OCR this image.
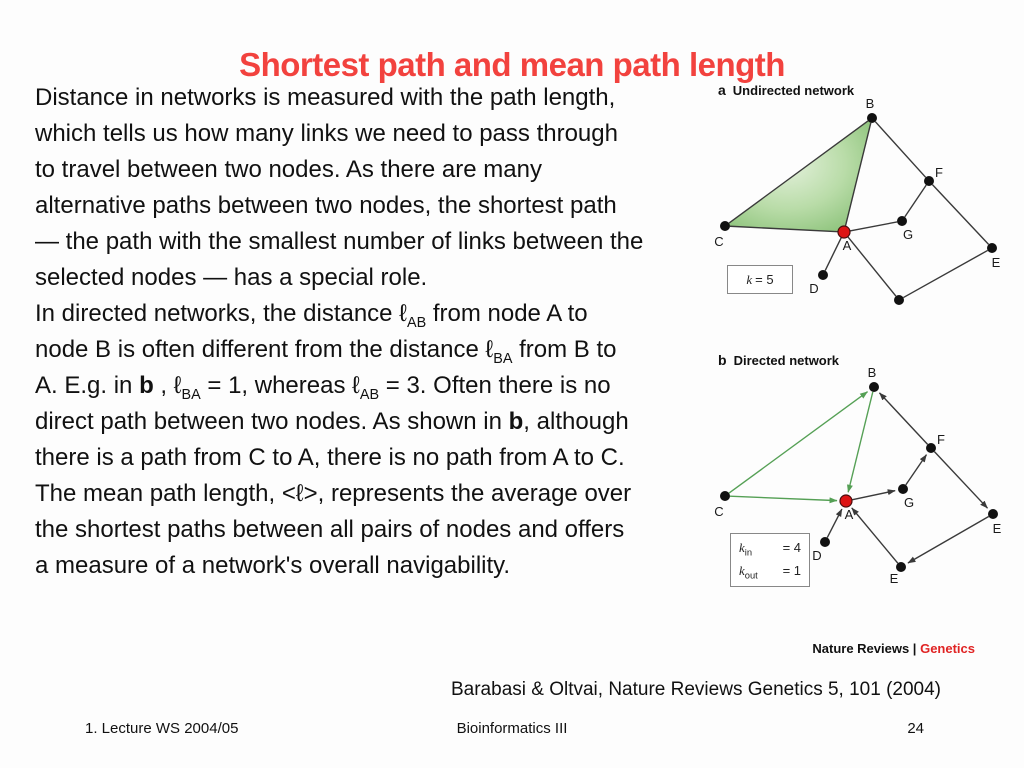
Shortest path and mean path length
Distance in networks is measured with the path length,
which tells us how many links we need to pass through
to travel between two nodes. As there are many
alternative paths between two nodes, the shortest path
— the path with the smallest number of links between the
selected nodes — has a special role.
In directed networks, the distance ℓ$_{AB}$ from node A to
node B is often different from the distance ℓ$_{BA}$ from B to
A. E.g. in b , ℓ$_{BA}$ = 1, whereas ℓ$_{AB}$ = 3. Often there is no
direct path between two nodes. As shown in b, although
there is a path from C to A, there is no path from A to C.
The mean path length, <ℓ>, represents the average over
the shortest paths between all pairs of nodes and offers
a measure of a network's overall navigability.
a Undirected network
B
C	A
G
F
E
D
k = 5
b Directed network
B
C	A
G
F
E
D
E
$k_{in} = 4$
$k_{out} = 1$
Nature Reviews | Genetics
Barabasi & Oltvai, Nature Reviews Genetics 5, 101 (2004)
1. Lecture WS 2004/05	Bioinformatics III	24
